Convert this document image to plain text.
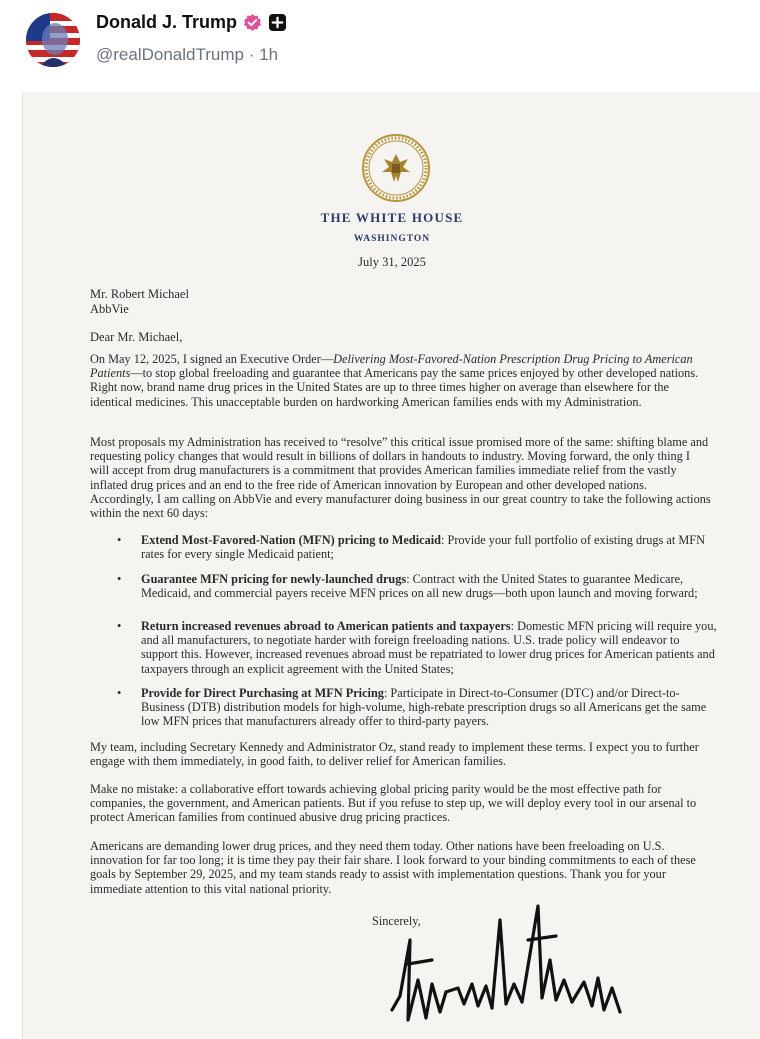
Donald J. Trump
@realDonaldTrump · 1h
THE WHITE HOUSE
WASHINGTON
July 31, 2025
Mr. Robert Michael
AbbVie
Dear Mr. Michael,
On May 12, 2025, I signed an Executive Order—Delivering Most-Favored-Nation Prescription Drug Pricing to American Patients—to stop global freeloading and guarantee that Americans pay the same prices enjoyed by other developed nations. Right now, brand name drug prices in the United States are up to three times higher on average than elsewhere for the identical medicines. This unacceptable burden on hardworking American families ends with my Administration.
Most proposals my Administration has received to “resolve” this critical issue promised more of the same: shifting blame and requesting policy changes that would result in billions of dollars in handouts to industry. Moving forward, the only thing I will accept from drug manufacturers is a commitment that provides American families immediate relief from the vastly inflated drug prices and an end to the free ride of American innovation by European and other developed nations. Accordingly, I am calling on AbbVie and every manufacturer doing business in our great country to take the following actions within the next 60 days:
•	Extend Most-Favored-Nation (MFN) pricing to Medicaid: Provide your full portfolio of existing drugs at MFN rates for every single Medicaid patient;
•	Guarantee MFN pricing for newly-launched drugs: Contract with the United States to guarantee Medicare, Medicaid, and commercial payers receive MFN prices on all new drugs—both upon launch and moving forward;
•	Return increased revenues abroad to American patients and taxpayers: Domestic MFN pricing will require you, and all manufacturers, to negotiate harder with foreign freeloading nations. U.S. trade policy will endeavor to support this. However, increased revenues abroad must be repatriated to lower drug prices for American patients and taxpayers through an explicit agreement with the United States;
•	Provide for Direct Purchasing at MFN Pricing: Participate in Direct-to-Consumer (DTC) and/or Direct-to-Business (DTB) distribution models for high-volume, high-rebate prescription drugs so all Americans get the same low MFN prices that manufacturers already offer to third-party payers.
My team, including Secretary Kennedy and Administrator Oz, stand ready to implement these terms. I expect you to further engage with them immediately, in good faith, to deliver relief for American families.
Make no mistake: a collaborative effort towards achieving global pricing parity would be the most effective path for companies, the government, and American patients. But if you refuse to step up, we will deploy every tool in our arsenal to protect American families from continued abusive drug pricing practices.
Americans are demanding lower drug prices, and they need them today. Other nations have been freeloading on U.S. innovation for far too long; it is time they pay their fair share. I look forward to your binding commitments to each of these goals by September 29, 2025, and my team stands ready to assist with implementation questions. Thank you for your immediate attention to this vital national priority.
Sincerely,
